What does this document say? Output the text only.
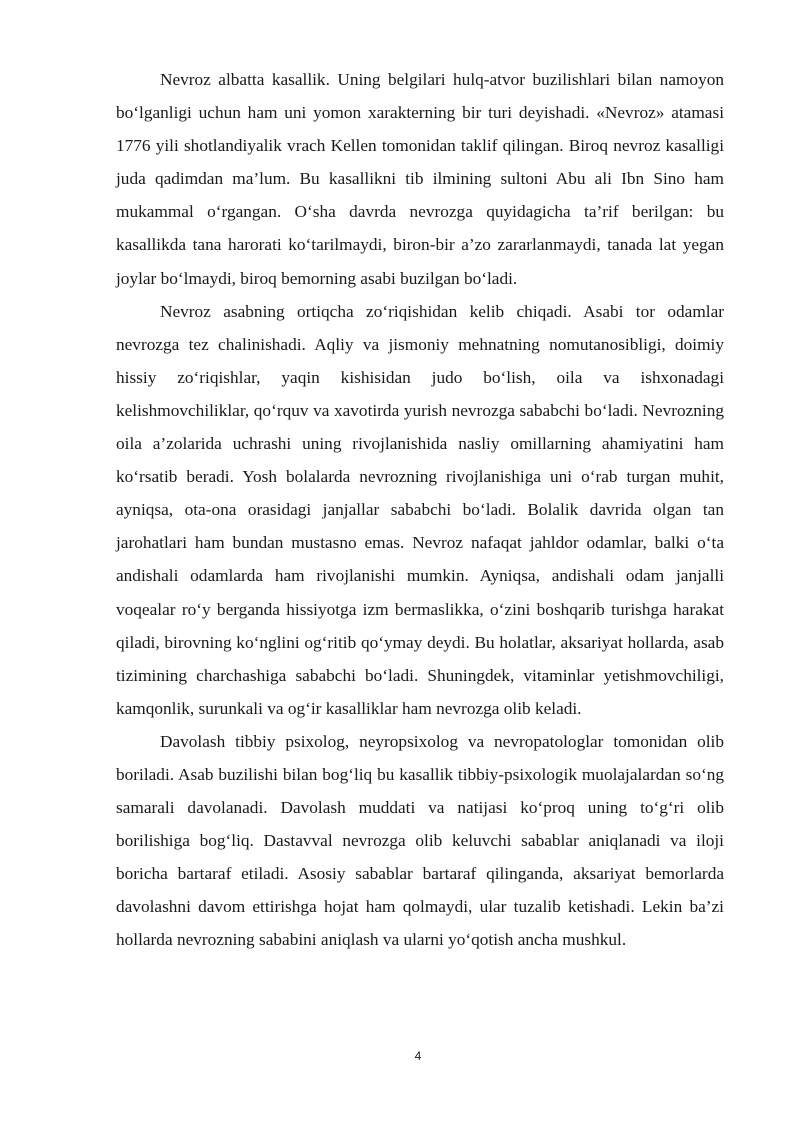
Nevroz albatta kasallik. Uning belgilari hulq-atvor buzilishlari bilan namoyon bo‘lganligi uchun ham uni yomon xarakterning bir turi deyishadi. «Nevroz» atamasi 1776 yili shotlandiyalik vrach Kellen tomonidan taklif qilingan. Biroq nevroz kasalligi juda qadimdan ma’lum. Bu kasallikni tib ilmining sultoni Abu ali Ibn Sino ham mukammal o‘rgangan. O‘sha davrda nevrozga quyidagicha ta’rif berilgan: bu kasallikda tana harorati ko‘tarilmaydi, biron-bir a’zo zararlanmaydi, tanada lat yegan joylar bo‘lmaydi, biroq bemorning asabi buzilgan bo‘ladi.

Nevroz asabning ortiqcha zo‘riqishidan kelib chiqadi. Asabi tor odamlar nevrozga tez chalinishadi. Aqliy va jismoniy mehnatning nomutanosibligi, doimiy hissiy zo‘riqishlar, yaqin kishisidan judo bo‘lish, oila va ishxonadagi kelishmovchiliklar, qo‘rquv va xavotirda yurish nevrozga sababchi bo‘ladi. Nevrozning oila a’zolarida uchrashi uning rivojlanishida nasliy omillarning ahamiyatini ham ko‘rsatib beradi. Yosh bolalarda nevrozning rivojlanishiga uni o‘rab turgan muhit, ayniqsa, ota-ona orasidagi janjallar sababchi bo‘ladi. Bolalik davrida olgan tan jarohatlari ham bundan mustasno emas. Nevroz nafaqat jahldor odamlar, balki o‘ta andishali odamlarda ham rivojlanishi mumkin. Ayniqsa, andishali odam janjalli voqealar ro‘y berganda hissiyotga izm bermaslikka, o‘zini boshqarib turishga harakat qiladi, birovning ko‘nglini og‘ritib qo‘ymay deydi. Bu holatlar, aksariyat hollarda, asab tizimining charchashiga sababchi bo‘ladi. Shuningdek, vitaminlar yetishmovchiligi, kamqonlik, surunkali va og‘ir kasalliklar ham nevrozga olib keladi.

Davolash tibbiy psixolog, neyropsixolog va nevropatologlar tomonidan olib boriladi. Asab buzilishi bilan bog‘liq bu kasallik tibbiy-psixologik muolajalardan so‘ng samarali davolanadi. Davolash muddati va natijasi ko‘proq uning to‘g‘ri olib borilishiga bog‘liq. Dastavval nevrozga olib keluvchi sabablar aniqlanadi va iloji boricha bartaraf etiladi. Asosiy sabablar bartaraf qilinganda, aksariyat bemorlarda davolashni davom ettirishga hojat ham qolmaydi, ular tuzalib ketishadi. Lekin ba’zi hollarda nevrozning sababini aniqlash va ularni yo‘qotish ancha mushkul.

4
